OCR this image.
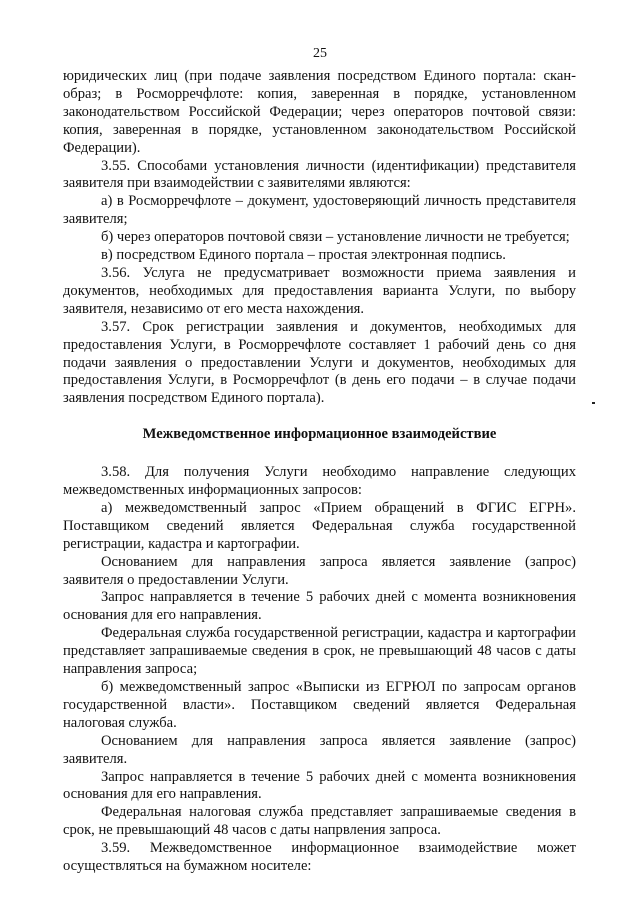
25

юридических лиц (при подаче заявления посредством Единого портала: скан-образ; в Росморречфлоте: копия, заверенная в порядке, установленном законодательством Российской Федерации; через операторов почтовой связи: копия, заверенная в порядке, установленном законодательством Российской Федерации).

3.55. Способами установления личности (идентификации) представителя заявителя при взаимодействии с заявителями являются:

а) в Росморречфлоте – документ, удостоверяющий личность представителя заявителя;

б) через операторов почтовой связи – установление личности не требуется;

в) посредством Единого портала – простая электронная подпись.

3.56. Услуга не предусматривает возможности приема заявления и документов, необходимых для предоставления варианта Услуги, по выбору заявителя, независимо от его места нахождения.

3.57. Срок регистрации заявления и документов, необходимых для предоставления Услуги, в Росморречфлоте составляет 1 рабочий день со дня подачи заявления о предоставлении Услуги и документов, необходимых для предоставления Услуги, в Росморречфлот (в день его подачи – в случае подачи заявления посредством Единого портала).

Межведомственное информационное взаимодействие

3.58. Для получения Услуги необходимо направление следующих межведомственных информационных запросов:

а) межведомственный запрос «Прием обращений в ФГИС ЕГРН». Поставщиком сведений является Федеральная служба государственной регистрации, кадастра и картографии.

Основанием для направления запроса является заявление (запрос) заявителя о предоставлении Услуги.

Запрос направляется в течение 5 рабочих дней с момента возникновения основания для его направления.

Федеральная служба государственной регистрации, кадастра и картографии представляет запрашиваемые сведения в срок, не превышающий 48 часов с даты направления запроса;

б) межведомственный запрос «Выписки из ЕГРЮЛ по запросам органов государственной власти». Поставщиком сведений является Федеральная налоговая служба.

Основанием для направления запроса является заявление (запрос) заявителя.

Запрос направляется в течение 5 рабочих дней с момента возникновения основания для его направления.

Федеральная налоговая служба представляет запрашиваемые сведения в срок, не превышающий 48 часов с даты напрвления запроса.

3.59. Межведомственное информационное взаимодействие может осуществляться на бумажном носителе:
